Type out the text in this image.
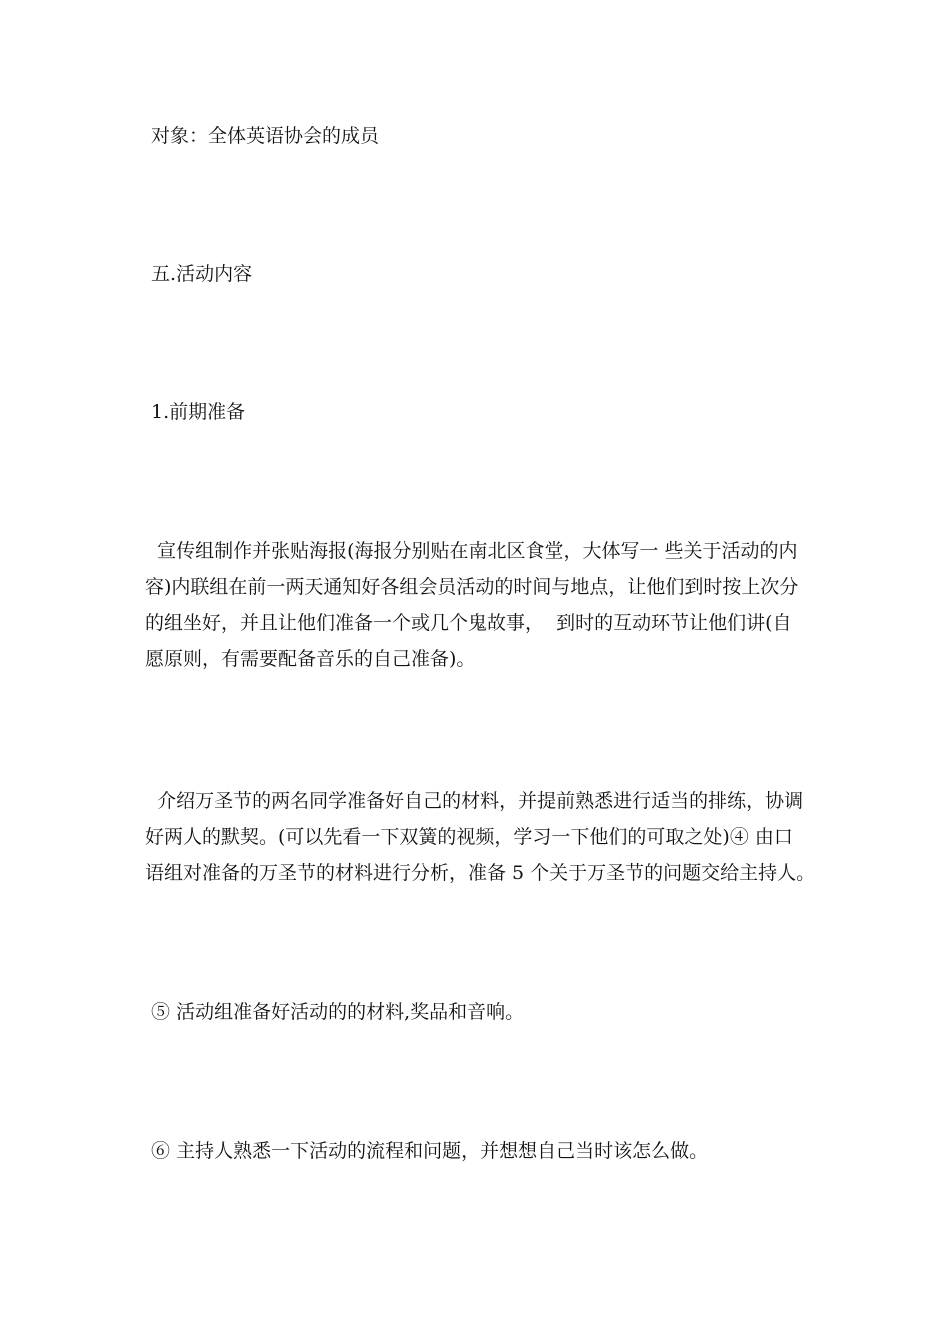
对象：全体英语协会的成员

五.活动内容

1.前期准备

宣传组制作并张贴海报(海报分别贴在南北区食堂，大体写一 些关于活动的内
容)内联组在前一两天通知好各组会员活动的时间与地点，让他们到时按上次分
的组坐好，并且让他们准备一个或几个鬼故事，  到时的互动环节让他们讲(自
愿原则，有需要配备音乐的自己准备)。
介绍万圣节的两名同学准备好自己的材料，并提前熟悉进行适当的排练，协调
好两人的默契。(可以先看一下双簧的视频，学习一下他们的可取之处)④ 由口
语组对准备的万圣节的材料进行分析，准备 5 个关于万圣节的问题交给主持人。

⑤ 活动组准备好活动的的材料,奖品和音响。

⑥ 主持人熟悉一下活动的流程和问题，并想想自己当时该怎么做。
